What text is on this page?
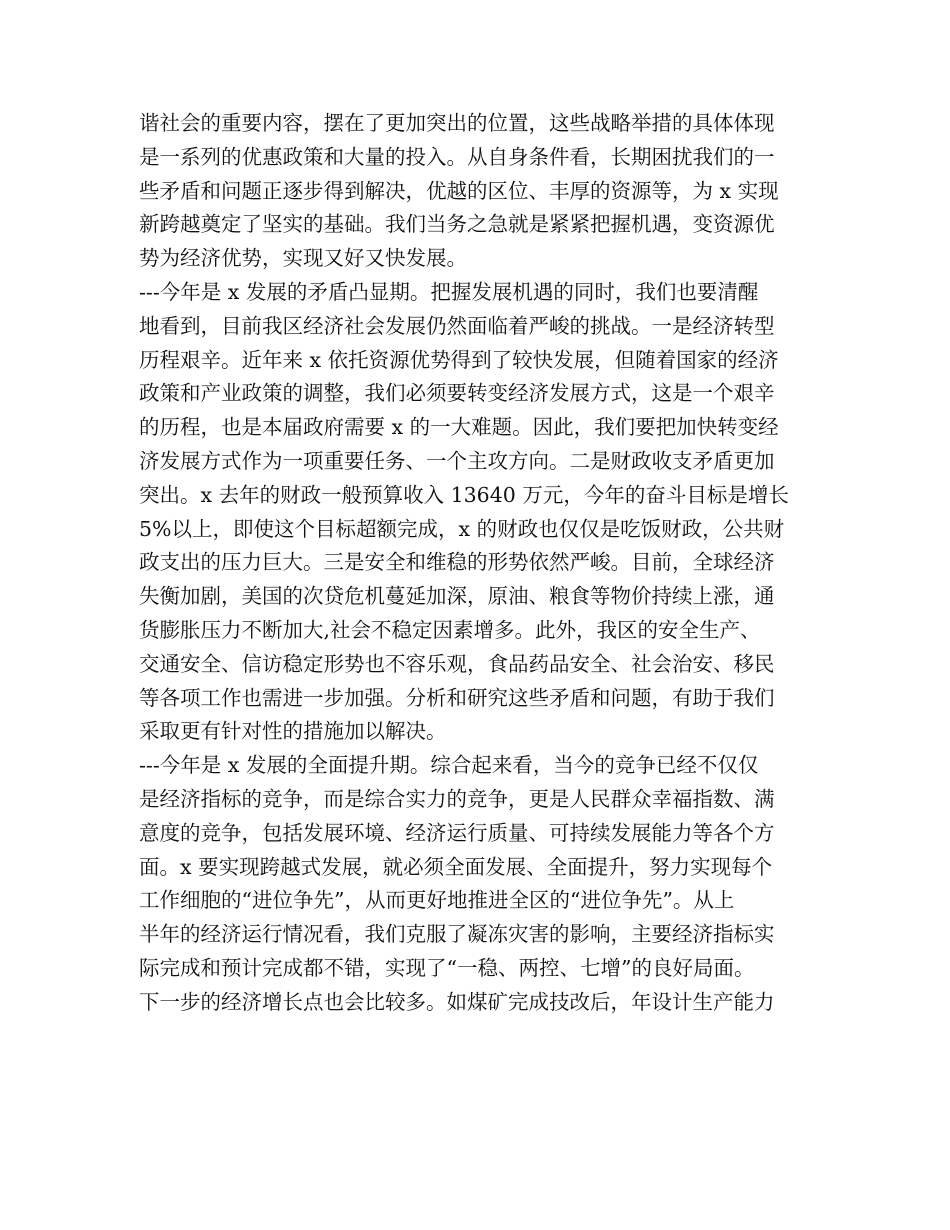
谐社会的重要内容，摆在了更加突出的位置，这些战略举措的具体体现
是一系列的优惠政策和大量的投入。从自身条件看，长期困扰我们的一
些矛盾和问题正逐步得到解决，优越的区位、丰厚的资源等，为 x 实现
新跨越奠定了坚实的基础。我们当务之急就是紧紧把握机遇，变资源优
势为经济优势，实现又好又快发展。
---今年是 x 发展的矛盾凸显期。把握发展机遇的同时，我们也要清醒
地看到，目前我区经济社会发展仍然面临着严峻的挑战。一是经济转型
历程艰辛。近年来 x 依托资源优势得到了较快发展，但随着国家的经济
政策和产业政策的调整，我们必须要转变经济发展方式，这是一个艰辛
的历程，也是本届政府需要 x 的一大难题。因此，我们要把加快转变经
济发展方式作为一项重要任务、一个主攻方向。二是财政收支矛盾更加
突出。x 去年的财政一般预算收入 13640 万元，今年的奋斗目标是增长
5%以上，即使这个目标超额完成，x 的财政也仅仅是吃饭财政，公共财
政支出的压力巨大。三是安全和维稳的形势依然严峻。目前，全球经济
失衡加剧，美国的次贷危机蔓延加深，原油、粮食等物价持续上涨，通
货膨胀压力不断加大,社会不稳定因素增多。此外，我区的安全生产、
交通安全、信访稳定形势也不容乐观，食品药品安全、社会治安、移民
等各项工作也需进一步加强。分析和研究这些矛盾和问题，有助于我们
采取更有针对性的措施加以解决。
---今年是 x 发展的全面提升期。综合起来看，当今的竞争已经不仅仅
是经济指标的竞争，而是综合实力的竞争，更是人民群众幸福指数、满
意度的竞争，包括发展环境、经济运行质量、可持续发展能力等各个方
面。x 要实现跨越式发展，就必须全面发展、全面提升，努力实现每个
工作细胞的“进位争先”，从而更好地推进全区的“进位争先”。从上
半年的经济运行情况看，我们克服了凝冻灾害的影响，主要经济指标实
际完成和预计完成都不错，实现了“一稳、两控、七增”的良好局面。
下一步的经济增长点也会比较多。如煤矿完成技改后，年设计生产能力
